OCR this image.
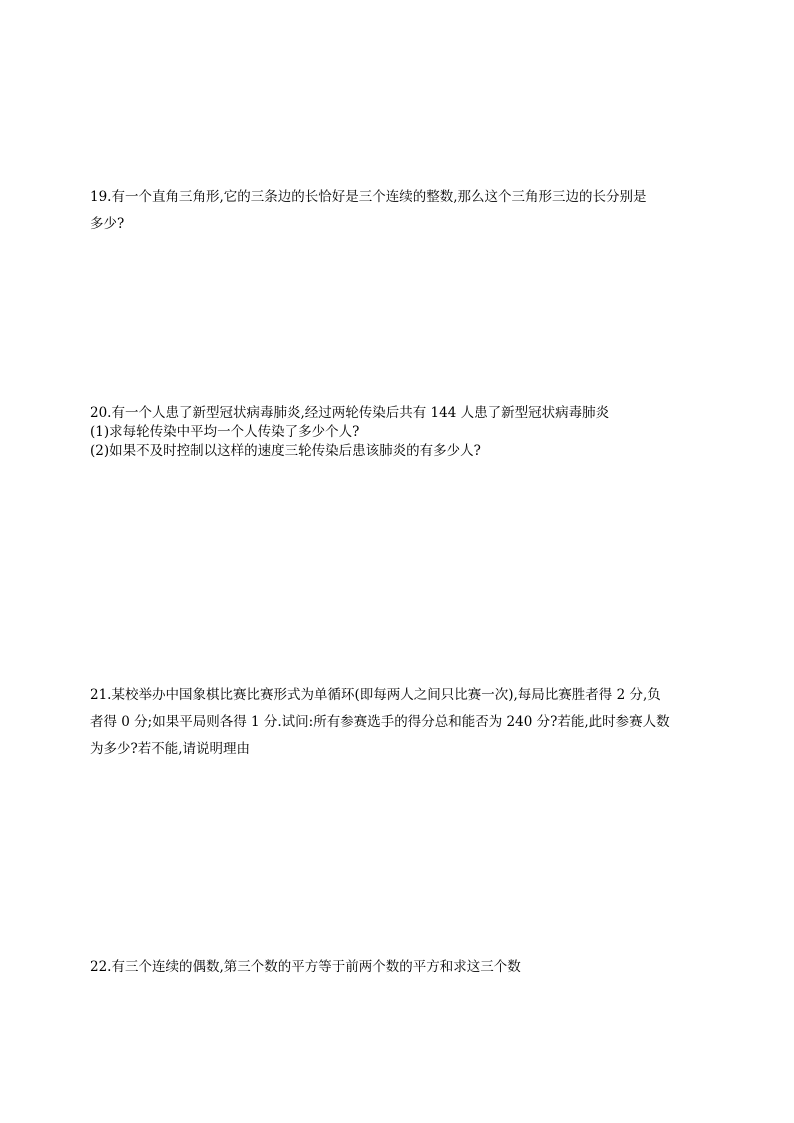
19.有一个直角三角形,它的三条边的长恰好是三个连续的整数,那么这个三角形三边的长分别是
多少?
20.有一个人患了新型冠状病毒肺炎,经过两轮传染后共有 144 人患了新型冠状病毒肺炎
(1)求每轮传染中平均一个人传染了多少个人?
(2)如果不及时控制以这样的速度三轮传染后患该肺炎的有多少人?
21.某校举办中国象棋比赛比赛形式为单循环(即每两人之间只比赛一次),每局比赛胜者得 2 分,负
者得 0 分;如果平局则各得 1 分.试问:所有参赛选手的得分总和能否为 240 分?若能,此时参赛人数
为多少?若不能,请说明理由
22.有三个连续的偶数,第三个数的平方等于前两个数的平方和求这三个数
